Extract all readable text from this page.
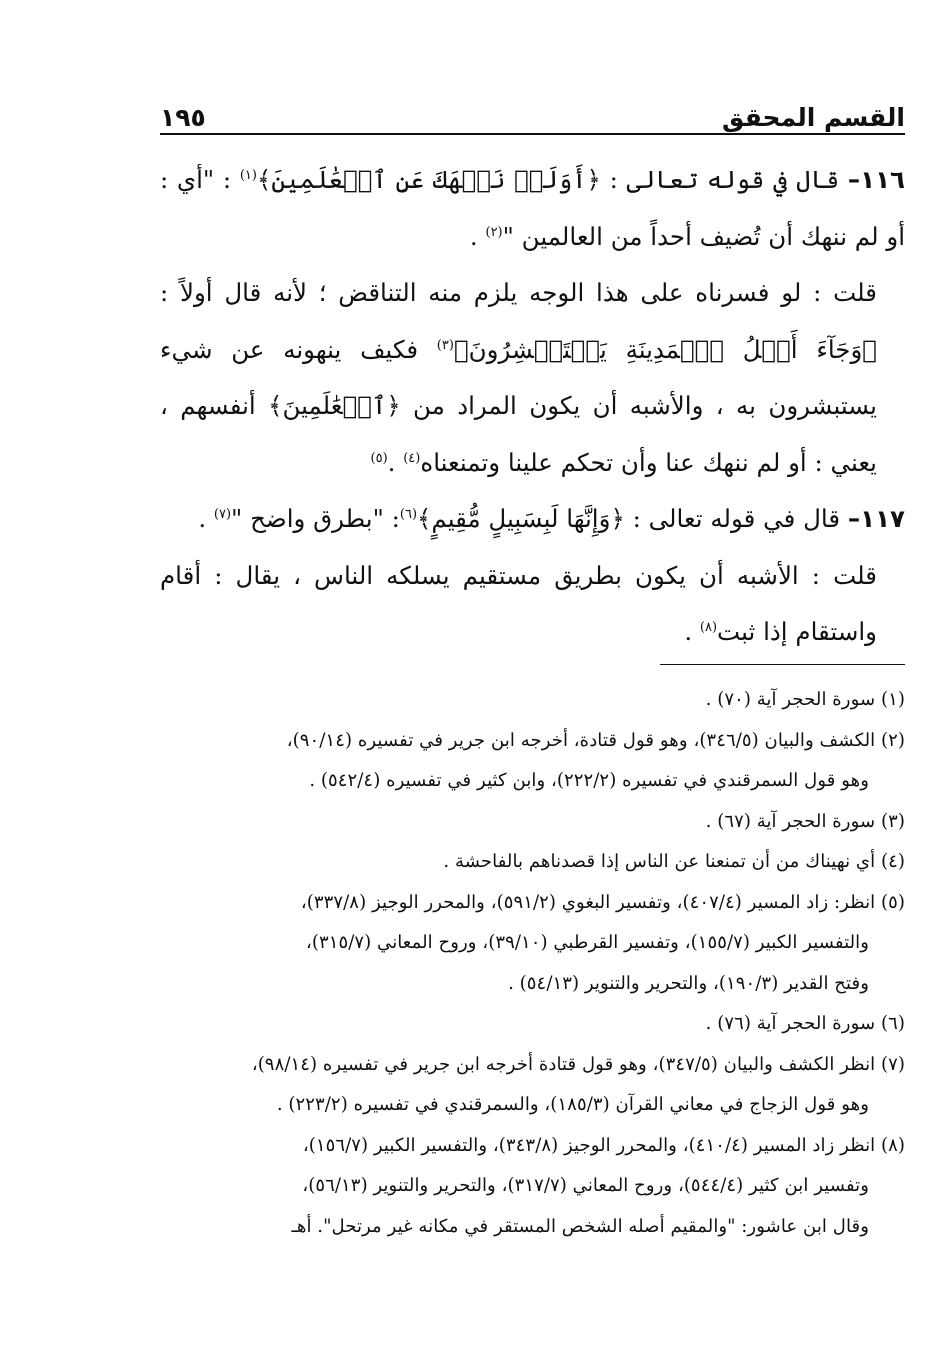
القسم المحقق
١٩٥

١١٦– قال في قوله تعالى : ﴿أَوَلَمۡ نَنۡهَكَ عَنِ ٱلۡعَٰلَمِينَ﴾$^{(١)}$ : "أي : أو لم ننهك أن تُضيف أحداً من العالمين "$^{(٢)}$ .

قلت : لو فسرناه على هذا الوجه يلزم منه التناقض ؛ لأنه قال أولاً : ﴿وَجَآءَ أَهۡلُ ٱلۡمَدِينَةِ يَسۡتَبۡشِرُونَ﴾$^{(٣)}$ فكيف ينهونه عن شيء يستبشرون به ، والأشبه أن يكون المراد من ﴿ٱلۡعَٰلَمِينَ﴾ أنفسهم ، يعني : أو لم ننهك عنا وأن تحكم علينا وتمنعناه$^{(٤)}$ .$^{(٥)}$

١١٧– قال في قوله تعالى : ﴿وَإِنَّهَا لَبِسَبِيلٍ مُّقِيمٍ﴾$^{(٦)}$: "بطرق واضح "$^{(٧)}$ .

قلت : الأشبه أن يكون بطريق مستقيم يسلكه الناس ، يقال : أقام واستقام إذا ثبت$^{(٨)}$ .

(١) سورة الحجر آية (٧٠) .

(٢) الكشف والبيان (٣٤٦/٥)، وهو قول قتادة، أخرجه ابن جرير في تفسيره (٩٠/١٤)،

وهو قول السمرقندي في تفسيره (٢٢٢/٢)، وابن كثير في تفسيره (٥٤٢/٤) .

(٣) سورة الحجر آية (٦٧) .

(٤) أي نهيناك من أن تمنعنا عن الناس إذا قصدناهم بالفاحشة .

(٥) انظر: زاد المسير (٤٠٧/٤)، وتفسير البغوي (٥٩١/٢)، والمحرر الوجيز (٣٣٧/٨)،

والتفسير الكبير (١٥٥/٧)، وتفسير القرطبي (٣٩/١٠)، وروح المعاني (٣١٥/٧)،

وفتح القدير (١٩٠/٣)، والتحرير والتنوير (٥٤/١٣) .

(٦) سورة الحجر آية (٧٦) .

(٧) انظر الكشف والبيان (٣٤٧/٥)، وهو قول قتادة أخرجه ابن جرير في تفسيره (٩٨/١٤)،

وهو قول الزجاج في معاني القرآن (١٨٥/٣)، والسمرقندي في تفسيره (٢٢٣/٢) .

(٨) انظر زاد المسير (٤١٠/٤)، والمحرر الوجيز (٣٤٣/٨)، والتفسير الكبير (١٥٦/٧)،

وتفسير ابن كثير (٥٤٤/٤)، وروح المعاني (٣١٧/٧)، والتحرير والتنوير (٥٦/١٣)،

وقال ابن عاشور: "والمقيم أصله الشخص المستقر في مكانه غير مرتحل". أهـ
